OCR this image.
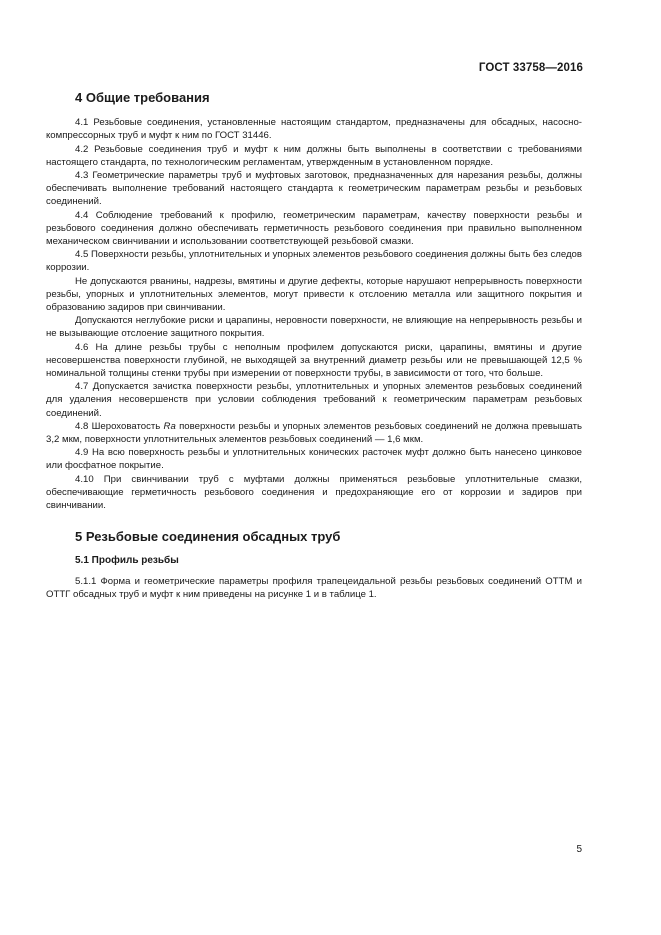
ГОСТ 33758—2016
4 Общие требования

4.1 Резьбовые соединения, установленные настоящим стандартом, предназначены для обсадных, насосно-компрессорных труб и муфт к ним по ГОСТ 31446.

4.2 Резьбовые соединения труб и муфт к ним должны быть выполнены в соответствии с требованиями настоящего стандарта, по технологическим регламентам, утвержденным в установленном порядке.

4.3 Геометрические параметры труб и муфтовых заготовок, предназначенных для нарезания резьбы, должны обеспечивать выполнение требований настоящего стандарта к геометрическим параметрам резьбы и резьбовых соединений.

4.4 Соблюдение требований к профилю, геометрическим параметрам, качеству поверхности резьбы и резьбового соединения должно обеспечивать герметичность резьбового соединения при правильно выполненном механическом свинчивании и использовании соответствующей резьбовой смазки.

4.5 Поверхности резьбы, уплотнительных и упорных элементов резьбового соединения должны быть без следов коррозии.

Не допускаются рванины, надрезы, вмятины и другие дефекты, которые нарушают непрерывность поверхности резьбы, упорных и уплотнительных элементов, могут привести к отслоению металла или защитного покрытия и образованию задиров при свинчивании.

Допускаются неглубокие риски и царапины, неровности поверхности, не влияющие на непрерывность резьбы и не вызывающие отслоение защитного покрытия.

4.6 На длине резьбы трубы с неполным профилем допускаются риски, царапины, вмятины и другие несовершенства поверхности глубиной, не выходящей за внутренний диаметр резьбы или не превышающей 12,5 % номинальной толщины стенки трубы при измерении от поверхности трубы, в зависимости от того, что больше.

4.7 Допускается зачистка поверхности резьбы, уплотнительных и упорных элементов резьбовых соединений для удаления несовершенств при условии соблюдения требований к геометрическим параметрам резьбовых соединений.

4.8 Шероховатость Ra поверхности резьбы и упорных элементов резьбовых соединений не должна превышать 3,2 мкм, поверхности уплотнительных элементов резьбовых соединений — 1,6 мкм.

4.9 На всю поверхность резьбы и уплотнительных конических расточек муфт должно быть нанесено цинковое или фосфатное покрытие.

4.10 При свинчивании труб с муфтами должны применяться резьбовые уплотнительные смазки, обеспечивающие герметичность резьбового соединения и предохраняющие его от коррозии и задиров при свинчивании.

5 Резьбовые соединения обсадных труб
5.1 Профиль резьбы

5.1.1 Форма и геометрические параметры профиля трапецеидальной резьбы резьбовых соединений ОТТМ и ОТТГ обсадных труб и муфт к ним приведены на рисунке 1 и в таблице 1.

5
